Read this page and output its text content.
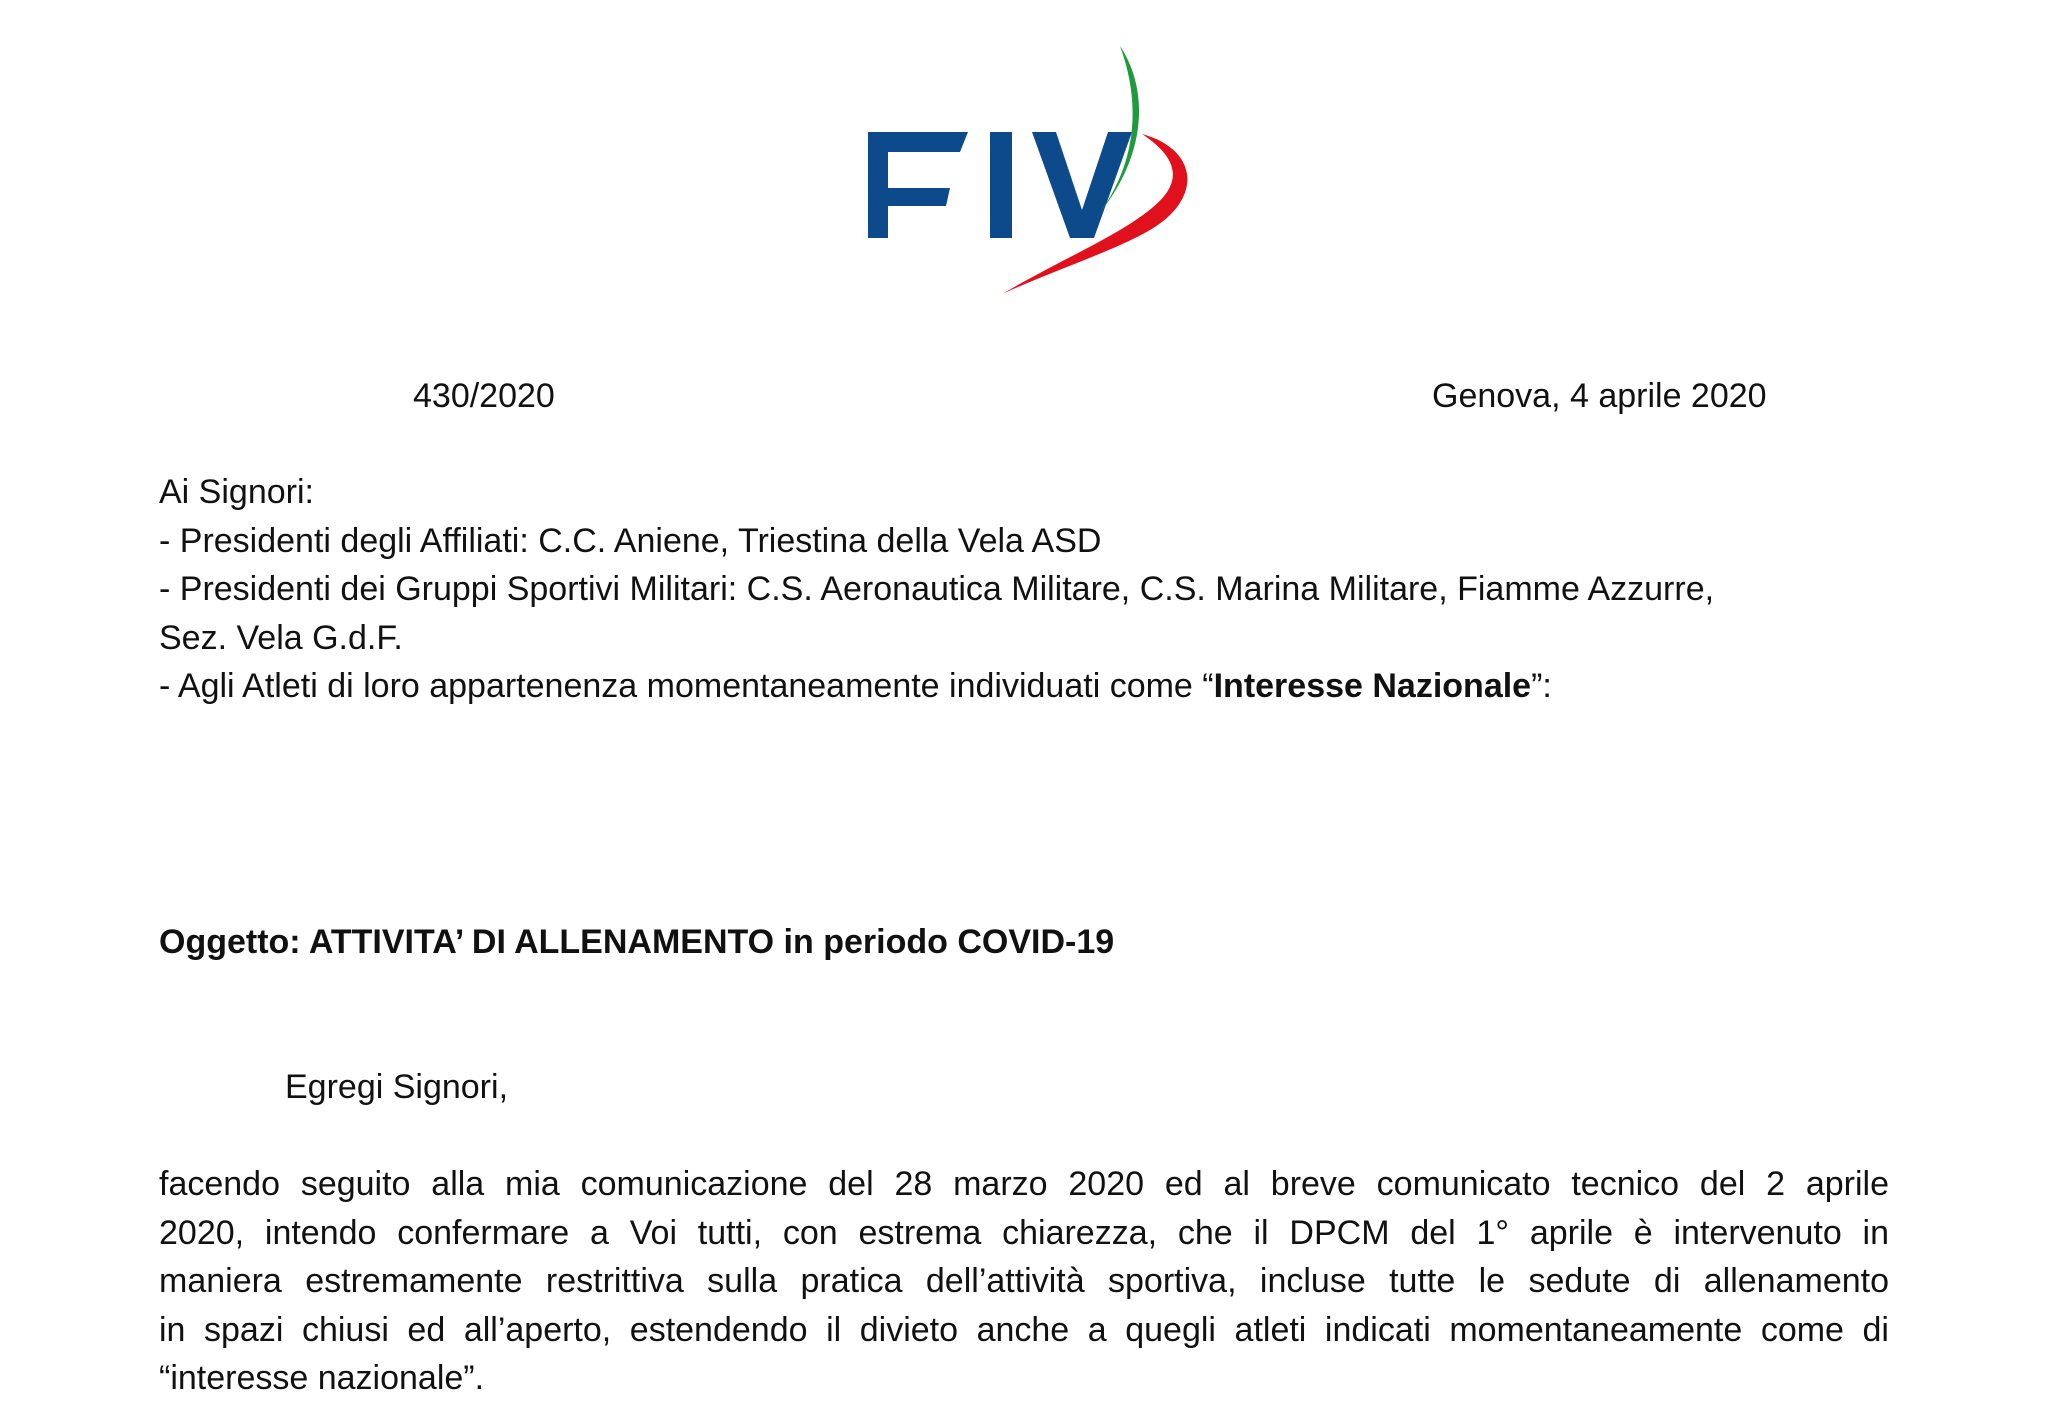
430/2020	Genova, 4 aprile 2020
Ai Signori:
- Presidenti degli Affiliati: C.C. Aniene, Triestina della Vela ASD
- Presidenti dei Gruppi Sportivi Militari: C.S. Aeronautica Militare, C.S. Marina Militare, Fiamme Azzurre,
Sez. Vela G.d.F.
- Agli Atleti di loro appartenenza momentaneamente individuati come “Interesse Nazionale”:
Oggetto: ATTIVITA’ DI ALLENAMENTO in periodo COVID-19
Egregi Signori,
facendo seguito alla mia comunicazione del 28 marzo 2020 ed al breve comunicato tecnico del 2 aprile
2020, intendo confermare a Voi tutti, con estrema chiarezza, che il DPCM del 1° aprile è intervenuto in
maniera estremamente restrittiva sulla pratica dell’attività sportiva, incluse tutte le sedute di allenamento
in spazi chiusi ed all’aperto, estendendo il divieto anche a quegli atleti indicati momentaneamente come di
“interesse nazionale”.
